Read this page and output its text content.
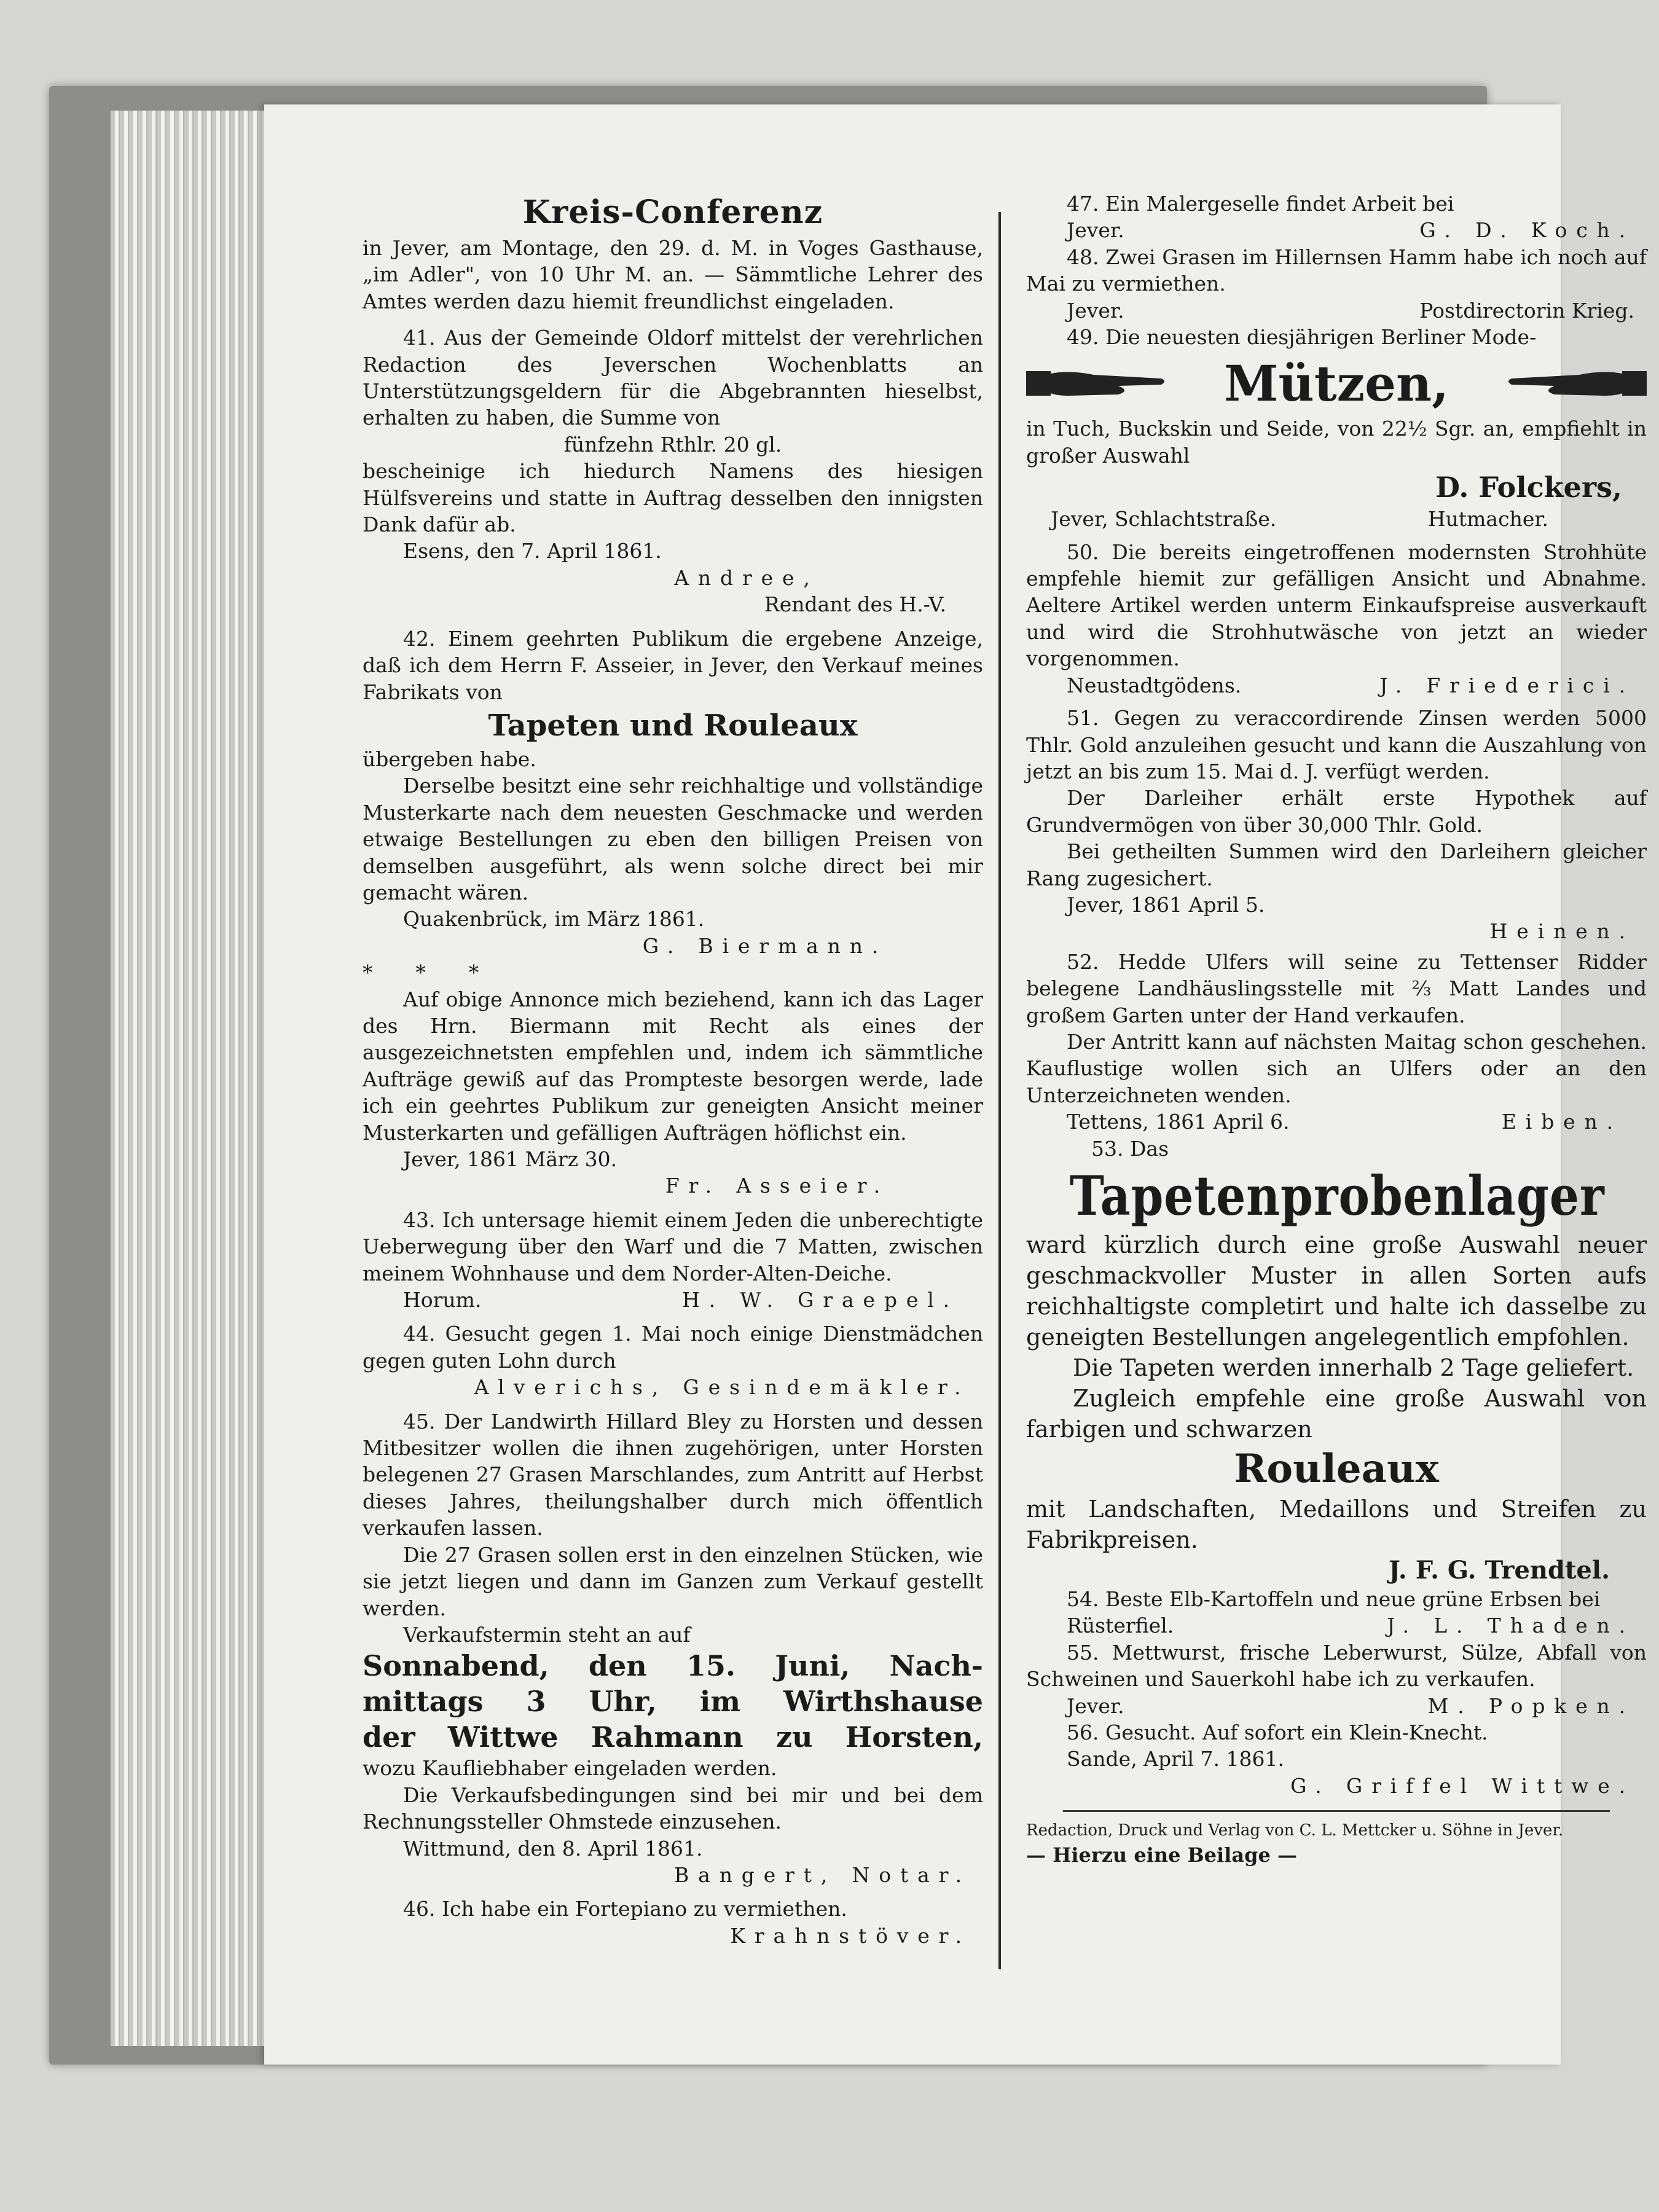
Kreis-Conferenz

in Jever, am Montage, den 29. d. M. in Voges Gasthause, „im Adler", von 10 Uhr M. an. — Sämmtliche Lehrer des Amtes werden dazu hiemit freundlichst eingeladen.

41. Aus der Gemeinde Oldorf mittelst der verehrlichen Redaction des Jeverschen Wochenblatts an Unterstützungsgeldern für die Abgebrannten hieselbst, erhalten zu haben, die Summe von

fünfzehn Rthlr. 20 gl.

bescheinige ich hiedurch Namens des hiesigen Hülfsvereins und statte in Auftrag desselben den innigsten Dank dafür ab.

Esens, den 7. April 1861.

Andree,

Rendant des H.-V.

42. Einem geehrten Publikum die ergebene Anzeige, daß ich dem Herrn F. Asseier, in Jever, den Verkauf meines Fabrikats von

Tapeten und Rouleaux

übergeben habe.

Derselbe besitzt eine sehr reichhaltige und vollständige Musterkarte nach dem neuesten Geschmacke und werden etwaige Bestellungen zu eben den billigen Preisen von demselben ausgeführt, als wenn solche direct bei mir gemacht wären.

Quakenbrück, im März 1861.

G. Biermann.

* * *

Auf obige Annonce mich beziehend, kann ich das Lager des Hrn. Biermann mit Recht als eines der ausgezeichnetsten empfehlen und, indem ich sämmtliche Aufträge gewiß auf das Prompteste besorgen werde, lade ich ein geehrtes Publikum zur geneigten Ansicht meiner Musterkarten und gefälligen Aufträgen höflichst ein.

Jever, 1861 März 30.

Fr. Asseier.

43. Ich untersage hiemit einem Jeden die unberechtigte Ueberwegung über den Warf und die 7 Matten, zwischen meinem Wohnhause und dem Norder-Alten-Deiche.

Horum.	H. W. Graepel.

44. Gesucht gegen 1. Mai noch einige Dienstmädchen gegen guten Lohn durch

Alverichs, Gesindemäkler.

45. Der Landwirth Hillard Bley zu Horsten und dessen Mitbesitzer wollen die ihnen zugehörigen, unter Horsten belegenen 27 Grasen Marschlandes, zum Antritt auf Herbst dieses Jahres, theilungshalber durch mich öffentlich verkaufen lassen.

Die 27 Grasen sollen erst in den einzelnen Stücken, wie sie jetzt liegen und dann im Ganzen zum Verkauf gestellt werden.

Verkaufstermin steht an auf

Sonnabend, den 15. Juni, Nach-
mittags 3 Uhr, im Wirthshause
der Wittwe Rahmann zu Horsten,

wozu Kaufliebhaber eingeladen werden.

Die Verkaufsbedingungen sind bei mir und bei dem Rechnungssteller Ohmstede einzusehen.

Wittmund, den 8. April 1861.

Bangert, Notar.

46. Ich habe ein Fortepiano zu vermiethen.

Krahnstöver.

47. Ein Malergeselle findet Arbeit bei

Jever.	G. D. Koch.

48. Zwei Grasen im Hillernsen Hamm habe ich noch auf Mai zu vermiethen.

Jever.	Postdirectorin Krieg.

49. Die neuesten diesjährigen Berliner Mode-

Mützen,

in Tuch, Buckskin und Seide, von 22½ Sgr. an, empfiehlt in großer Auswahl

D. Folckers,

Jever, Schlachtstraße.	Hutmacher.

50. Die bereits eingetroffenen modernsten Strohhüte empfehle hiemit zur gefälligen Ansicht und Abnahme. Aeltere Artikel werden unterm Einkaufspreise ausverkauft und wird die Strohhutwäsche von jetzt an wieder vorgenommen.

Neustadtgödens.	J. Friederici.

51. Gegen zu veraccordirende Zinsen werden 5000 Thlr. Gold anzuleihen gesucht und kann die Auszahlung von jetzt an bis zum 15. Mai d. J. verfügt werden.

Der Darleiher erhält erste Hypothek auf Grundvermögen von über 30,000 Thlr. Gold.

Bei getheilten Summen wird den Darleihern gleicher Rang zugesichert.

Jever, 1861 April 5.

Heinen.

52. Hedde Ulfers will seine zu Tettenser Ridder belegene Landhäuslingsstelle mit ⅔ Matt Landes und großem Garten unter der Hand verkaufen.

Der Antritt kann auf nächsten Maitag schon geschehen. Kauflustige wollen sich an Ulfers oder an den Unterzeichneten wenden.

Tettens, 1861 April 6.	Eiben.

53. Das

Tapetenprobenlager

ward kürzlich durch eine große Auswahl neuer geschmackvoller Muster in allen Sorten aufs reichhaltigste completirt und halte ich dasselbe zu geneigten Bestellungen angelegentlich empfohlen.

Die Tapeten werden innerhalb 2 Tage geliefert.

Zugleich empfehle eine große Auswahl von farbigen und schwarzen

Rouleaux

mit Landschaften, Medaillons und Streifen zu Fabrikpreisen.

J. F. G. Trendtel.

54. Beste Elb-Kartoffeln und neue grüne Erbsen bei

Rüsterfiel.	J. L. Thaden.

55. Mettwurst, frische Leberwurst, Sülze, Abfall von Schweinen und Sauerkohl habe ich zu verkaufen.

Jever.	M. Popken.

56. Gesucht. Auf sofort ein Klein-Knecht.

Sande, April 7. 1861.

G. Griffel Wittwe.

Redaction, Druck und Verlag von C. L. Mettcker u. Söhne in Jever.

— Hierzu eine Beilage —
